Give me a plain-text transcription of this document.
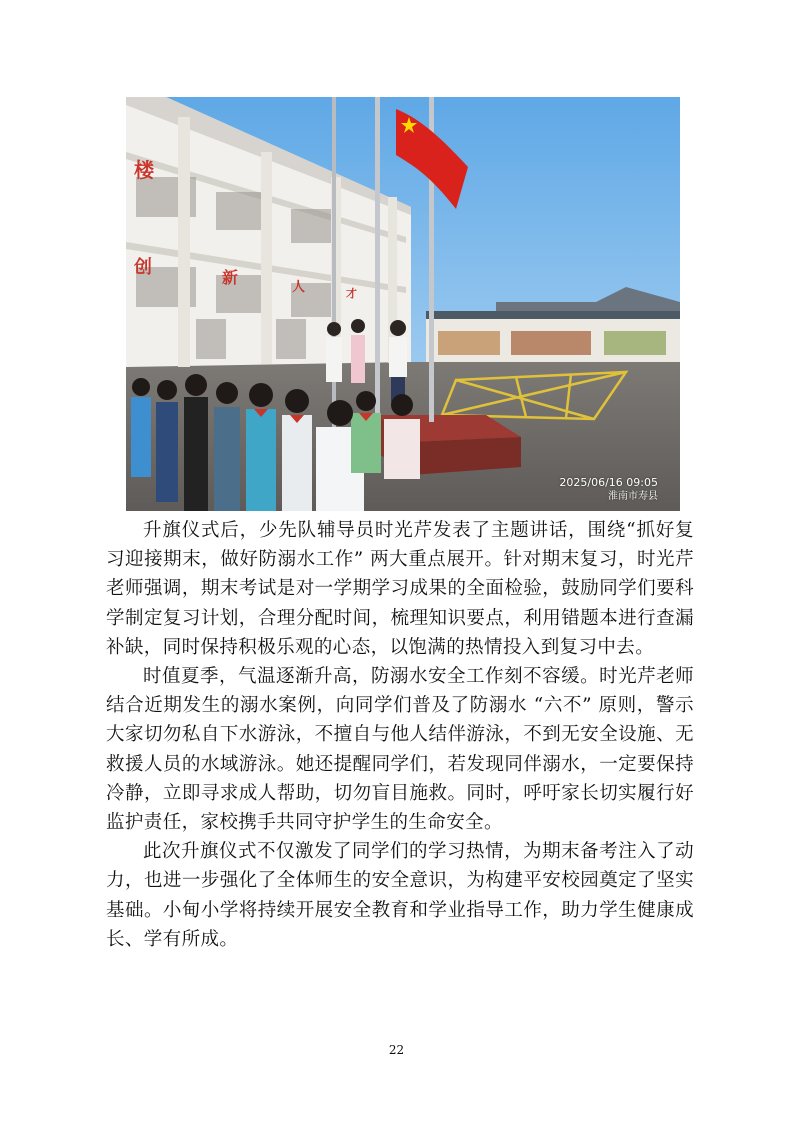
楼
创	新
人	才
2025/06/16 09:05
淮南市寿县

升旗仪式后，少先队辅导员时光芹发表了主题讲话，围绕“抓好复习迎接期末，做好防溺水工作” 两大重点展开。针对期末复习，时光芹老师强调，期末考试是对一学期学习成果的全面检验，鼓励同学们要科学制定复习计划，合理分配时间，梳理知识要点，利用错题本进行查漏补缺，同时保持积极乐观的心态，以饱满的热情投入到复习中去。

时值夏季，气温逐渐升高，防溺水安全工作刻不容缓。时光芹老师结合近期发生的溺水案例，向同学们普及了防溺水 “六不” 原则，警示大家切勿私自下水游泳，不擅自与他人结伴游泳，不到无安全设施、无救援人员的水域游泳。她还提醒同学们，若发现同伴溺水，一定要保持冷静，立即寻求成人帮助，切勿盲目施救。同时，呼吁家长切实履行好监护责任，家校携手共同守护学生的生命安全。

此次升旗仪式不仅激发了同学们的学习热情，为期末备考注入了动力，也进一步强化了全体师生的安全意识，为构建平安校园奠定了坚实基础。小甸小学将持续开展安全教育和学业指导工作，助力学生健康成长、学有所成。

22
